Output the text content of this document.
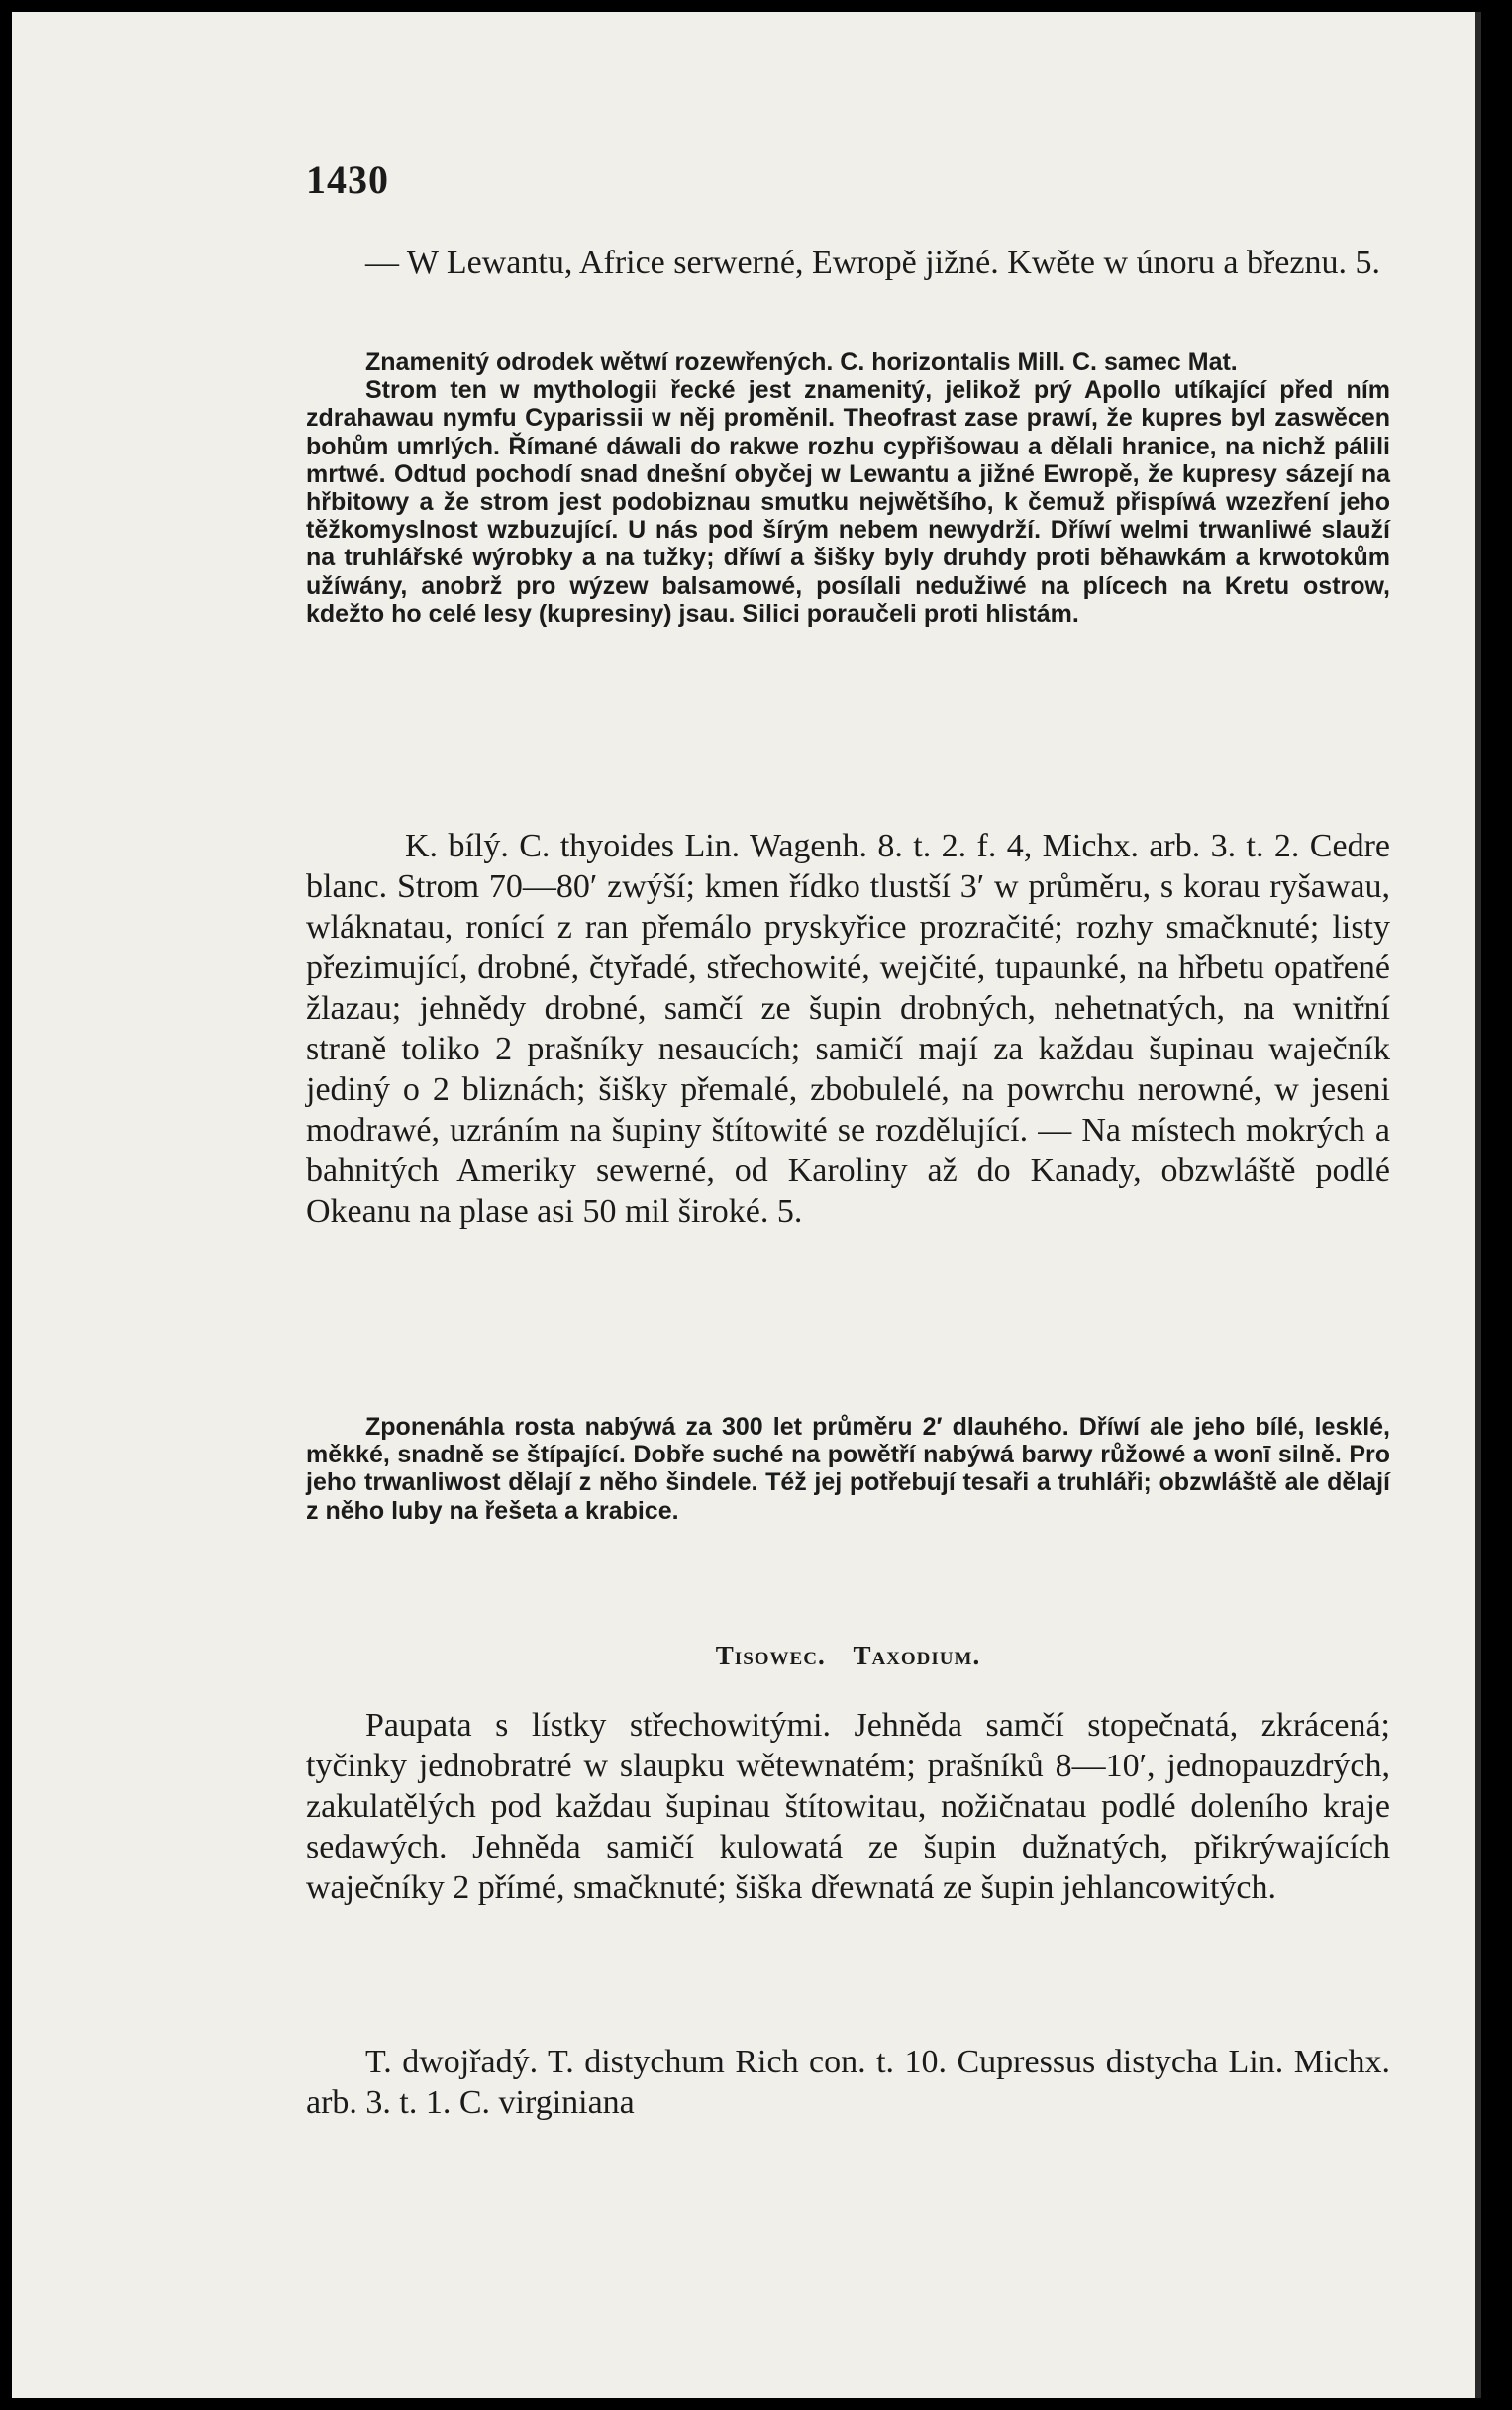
1430

— W Lewantu, Africe serwerné, Ewropě jižné. Kwěte w únoru a březnu. 5.

Znamenitý odrodek wětwí rozewřených. C. horizontalis Mill. C. samec Mat.

Strom ten w mythologii řecké jest znamenitý, jelikož prý Apollo utíkající před ním zdrahawau nymfu Cyparissii w něj proměnil. Theofrast zase prawí, že kupres byl zaswěcen bohům umrlých. Římané dáwali do rakwe rozhu cypřišowau a dělali hranice, na nichž pálili mrtwé. Odtud pochodí snad dnešní obyčej w Lewantu a jižné Ewropě, že kupresy sázejí na hřbitowy a že strom jest podobiznau smutku nejwětšího, k čemuž přispíwá wzezření jeho těžkomyslnost wzbuzující. U nás pod šírým nebem newydrží. Dříwí welmi trwanliwé slauží na truhlářské wýrobky a na tužky; dříwí a šišky byly druhdy proti běhawkám a krwotokům užíwány, anobrž pro wýzew balsamowé, posílali nedužiwé na plícech na Kretu ostrow, kdežto ho celé lesy (kupresiny) jsau. Silici poraučeli proti hlistám.

K. bílý. C. thyoides Lin. Wagenh. 8. t. 2. f. 4, Michx. arb. 3. t. 2. Cedre blanc. Strom 70—80′ zwýší; kmen řídko tlustší 3′ w průměru, s korau ryšawau, wláknatau, ronící z ran přemálo pryskyřice prozračité; rozhy smačknuté; listy přezimující, drobné, čtyřadé, střechowité, wejčité, tupaunké, na hřbetu opatřené žlazau; jehnědy drobné, samčí ze šupin drobných, nehetnatých, na wnitřní straně toliko 2 prašníky nesaucích; samičí mají za každau šupinau waječník jediný o 2 bliznách; šišky přemalé, zbobulelé, na powrchu nerowné, w jeseni modrawé, uzráním na šupiny štítowité se rozdělující. — Na místech mokrých a bahnitých Ameriky sewerné, od Karoliny až do Kanady, obzwláště podlé Okeanu na plase asi 50 mil široké. 5.

Zponenáhla rosta nabýwá za 300 let průměru 2′ dlauhého. Dříwí ale jeho bílé, lesklé, měkké, snadně se štípající. Dobře suché na powětří nabýwá barwy růžowé a wonī silně. Pro jeho trwanliwost dělají z něho šindele. Též jej potřebují tesaři a truhláři; obzwláště ale dělají z něho luby na řešeta a krabice.

Tisowec. Taxodium.

Paupata s lístky střechowitými. Jehněda samčí stopečnatá, zkrácená; tyčinky jednobratré w slaupku wětewnatém; prašníků 8—10′, jednopauzdrých, zakulatělých pod každau šupinau štítowitau, nožičnatau podlé doleního kraje sedawých. Jehněda samičí kulowatá ze šupin dužnatých, přikrýwajících waječníky 2 přímé, smačknuté; šiška dřewnatá ze šupin jehlancowitých.

T. dwojřadý. T. distychum Rich con. t. 10. Cupressus distycha Lin. Michx. arb. 3. t. 1. C. virginiana
